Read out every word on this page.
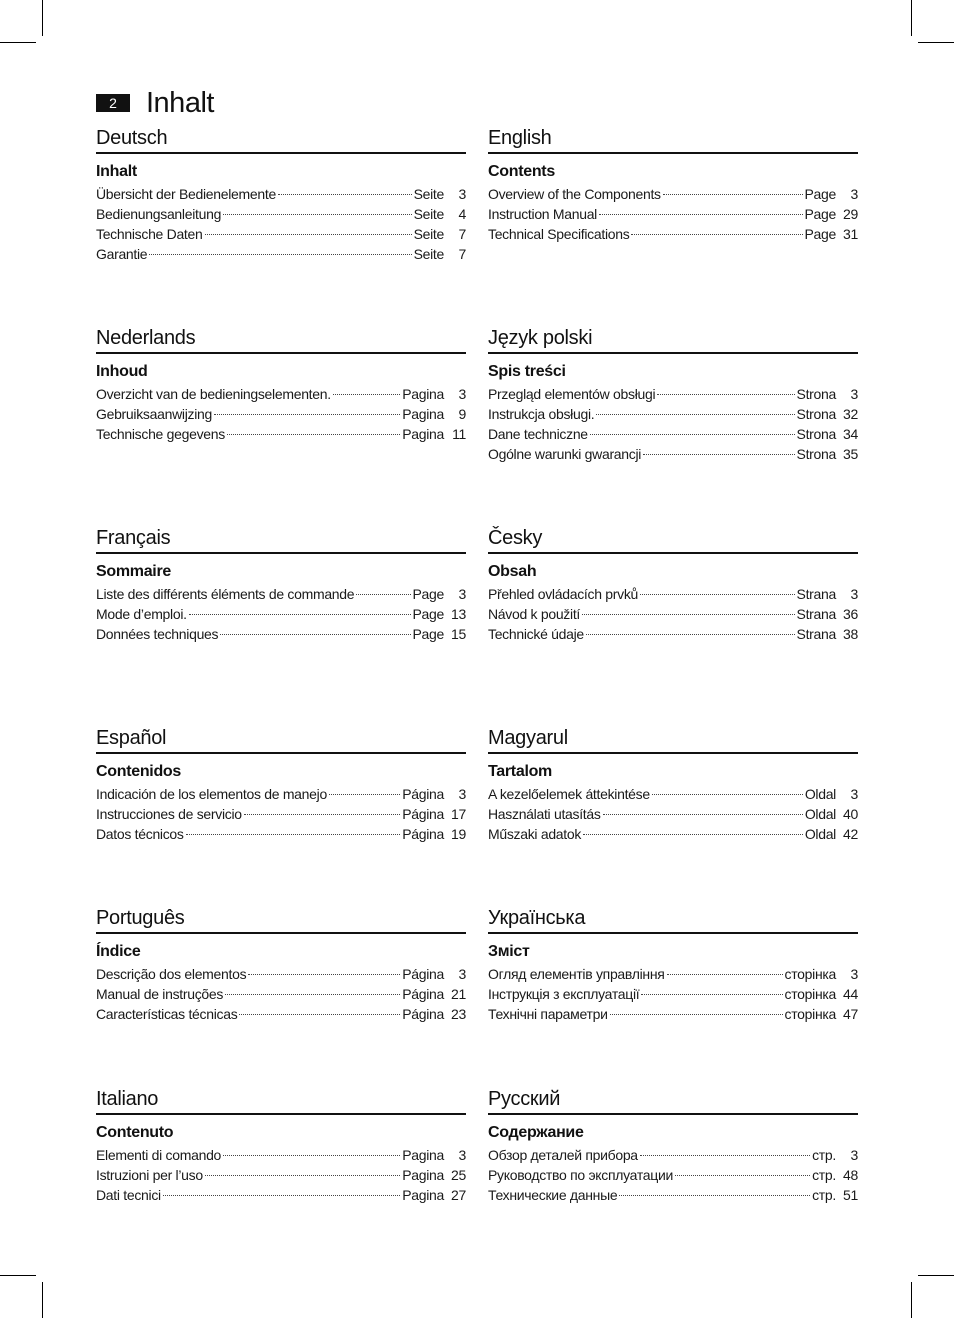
2	Inhalt
Deutsch
Inhalt
Übersicht der Bedienelemente	Seite	3
Bedienungsanleitung	Seite	4
Technische Daten	Seite	7
Garantie	Seite	7
English
Contents
Overview of the Components	Page	3
Instruction Manual	Page 29
Technical Specifications	Page 31
Nederlands
Inhoud
Overzicht van de bedieningselementen.	Pagina	3
Gebruiksaanwijzing	Pagina	9
Technische gegevens	Pagina 11
Język polski
Spis treści
Przegląd elementów obsługi	Strona	3
Instrukcja obsługi.	Strona 32
Dane techniczne	Strona 34
Ogólne warunki gwarancji	Strona 35
Français
Sommaire
Liste des différents éléments de commande	Page	3
Mode d’emploi.	Page 13
Données techniques	Page 15
Česky
Obsah
Přehled ovládacích prvků	Strana	3
Návod k použití	Strana 36
Technické údaje	Strana 38
Español
Contenidos
Indicación de los elementos de manejo	Página	3
Instrucciones de servicio	Página 17
Datos técnicos	Página 19
Magyarul
Tartalom
A kezelőelemek áttekintése	Oldal	3
Használati utasítás	Oldal 40
Műszaki adatok	Oldal 42
Português
Índice
Descrição dos elementos	Página	3
Manual de instruções	Página 21
Características técnicas	Página 23
Українська
Зміст
Огляд елементів управління	сторінка	3
Інструкція з експлуатації	сторінка 44
Технічні параметри	сторінка 47
Italiano
Contenuto
Elementi di comando	Pagina	3
Istruzioni per l’uso	Pagina 25
Dati tecnici	Pagina 27
Русский
Содержание
Обзор деталей прибора	стр.	3
Руководство по эксплуатации	стр. 48
Технические данные	стр. 51
